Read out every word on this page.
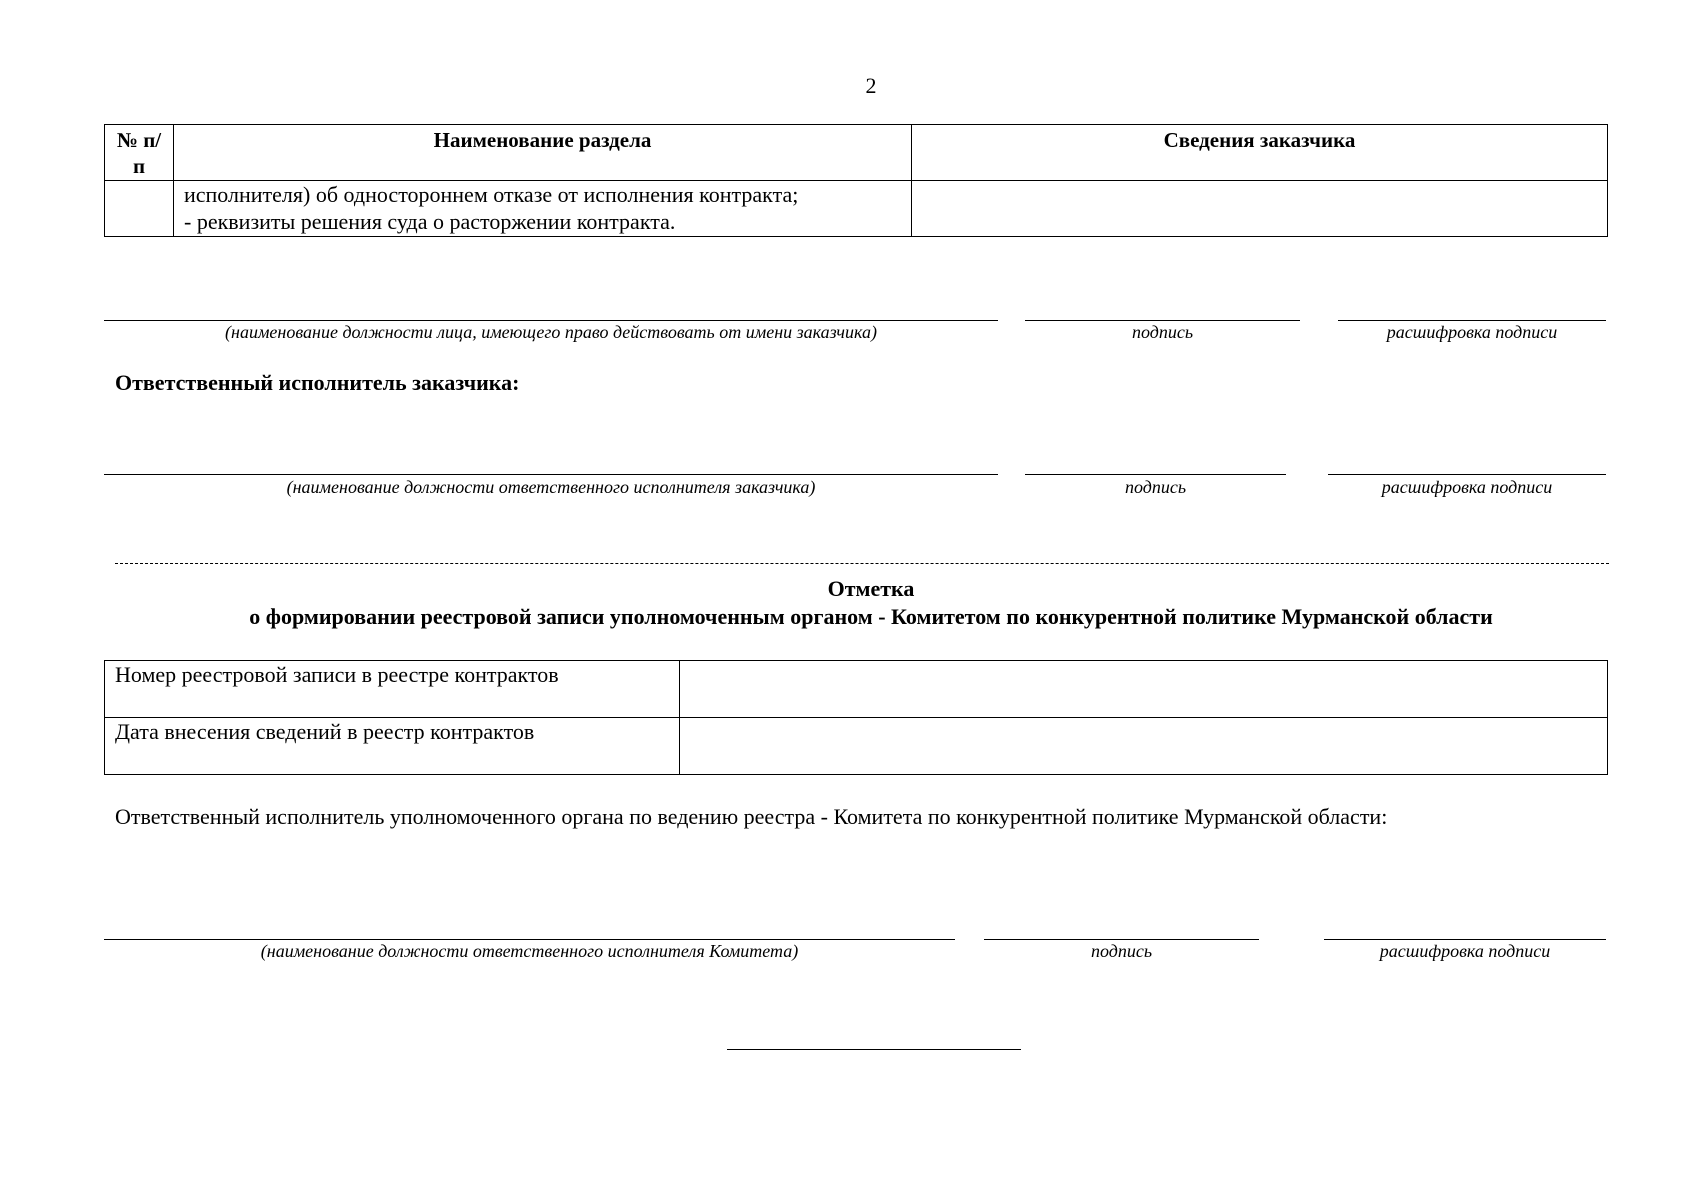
2
№ п/п	Наименование раздела	Сведения заказчика

	исполнителя) об одностороннем отказе от исполнения контракта;
- реквизиты решения суда о расторжении контракта.	

(наименование должности лица, имеющего право действовать от имени заказчика)	подпись	расшифровка подписи
Ответственный исполнитель заказчика:
(наименование должности ответственного исполнителя заказчика)	подпись	расшифровка подписи
Отметка
о формировании реестровой записи уполномоченным органом - Комитетом по конкурентной политике Мурманской области
Номер реестровой записи в реестре контрактов	
Дата внесения сведений в реестр контрактов	
Ответственный исполнитель уполномоченного органа по ведению реестра - Комитета по конкурентной политике Мурманской области:
(наименование должности ответственного исполнителя Комитета)	подпись	расшифровка подписи
